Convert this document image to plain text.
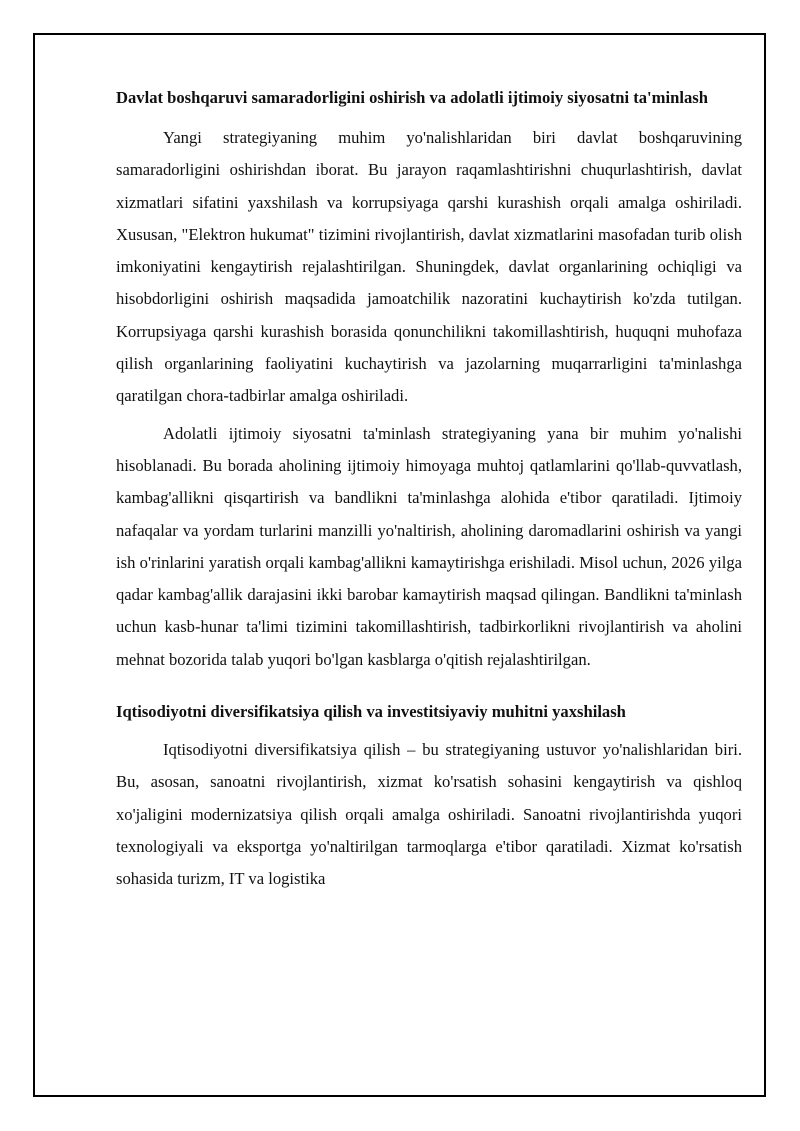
Davlat boshqaruvi samaradorligini oshirish va adolatli ijtimoiy siyosatni ta'minlash

Yangi strategiyaning muhim yo'nalishlaridan biri davlat boshqaruvining samaradorligini oshirishdan iborat. Bu jarayon raqamlashtirishni chuqurlashtirish, davlat xizmatlari sifatini yaxshilash va korrupsiyaga qarshi kurashish orqali amalga oshiriladi. Xususan, "Elektron hukumat" tizimini rivojlantirish, davlat xizmatlarini masofadan turib olish imkoniyatini kengaytirish rejalashtirilgan. Shuningdek, davlat organlarining ochiqligi va hisobdorligini oshirish maqsadida jamoatchilik nazoratini kuchaytirish ko'zda tutilgan. Korrupsiyaga qarshi kurashish borasida qonunchilikni takomillashtirish, huquqni muhofaza qilish organlarining faoliyatini kuchaytirish va jazolarning muqarrarligini ta'minlashga qaratilgan chora-tadbirlar amalga oshiriladi.

Adolatli ijtimoiy siyosatni ta'minlash strategiyaning yana bir muhim yo'nalishi hisoblanadi. Bu borada aholining ijtimoiy himoyaga muhtoj qatlamlarini qo'llab-quvvatlash, kambag'allikni qisqartirish va bandlikni ta'minlashga alohida e'tibor qaratiladi. Ijtimoiy nafaqalar va yordam turlarini manzilli yo'naltirish, aholining daromadlarini oshirish va yangi ish o'rinlarini yaratish orqali kambag'allikni kamaytirishga erishiladi. Misol uchun, 2026 yilga qadar kambag'allik darajasini ikki barobar kamaytirish maqsad qilingan. Bandlikni ta'minlash uchun kasb-hunar ta'limi tizimini takomillashtirish, tadbirkorlikni rivojlantirish va aholini mehnat bozorida talab yuqori bo'lgan kasblarga o'qitish rejalashtirilgan.

Iqtisodiyotni diversifikatsiya qilish va investitsiyaviy muhitni yaxshilash

Iqtisodiyotni diversifikatsiya qilish – bu strategiyaning ustuvor yo'nalishlaridan biri. Bu, asosan, sanoatni rivojlantirish, xizmat ko'rsatish sohasini kengaytirish va qishloq xo'jaligini modernizatsiya qilish orqali amalga oshiriladi. Sanoatni rivojlantirishda yuqori texnologiyali va eksportga yo'naltirilgan tarmoqlarga e'tibor qaratiladi. Xizmat ko'rsatish sohasida turizm, IT va logistika
